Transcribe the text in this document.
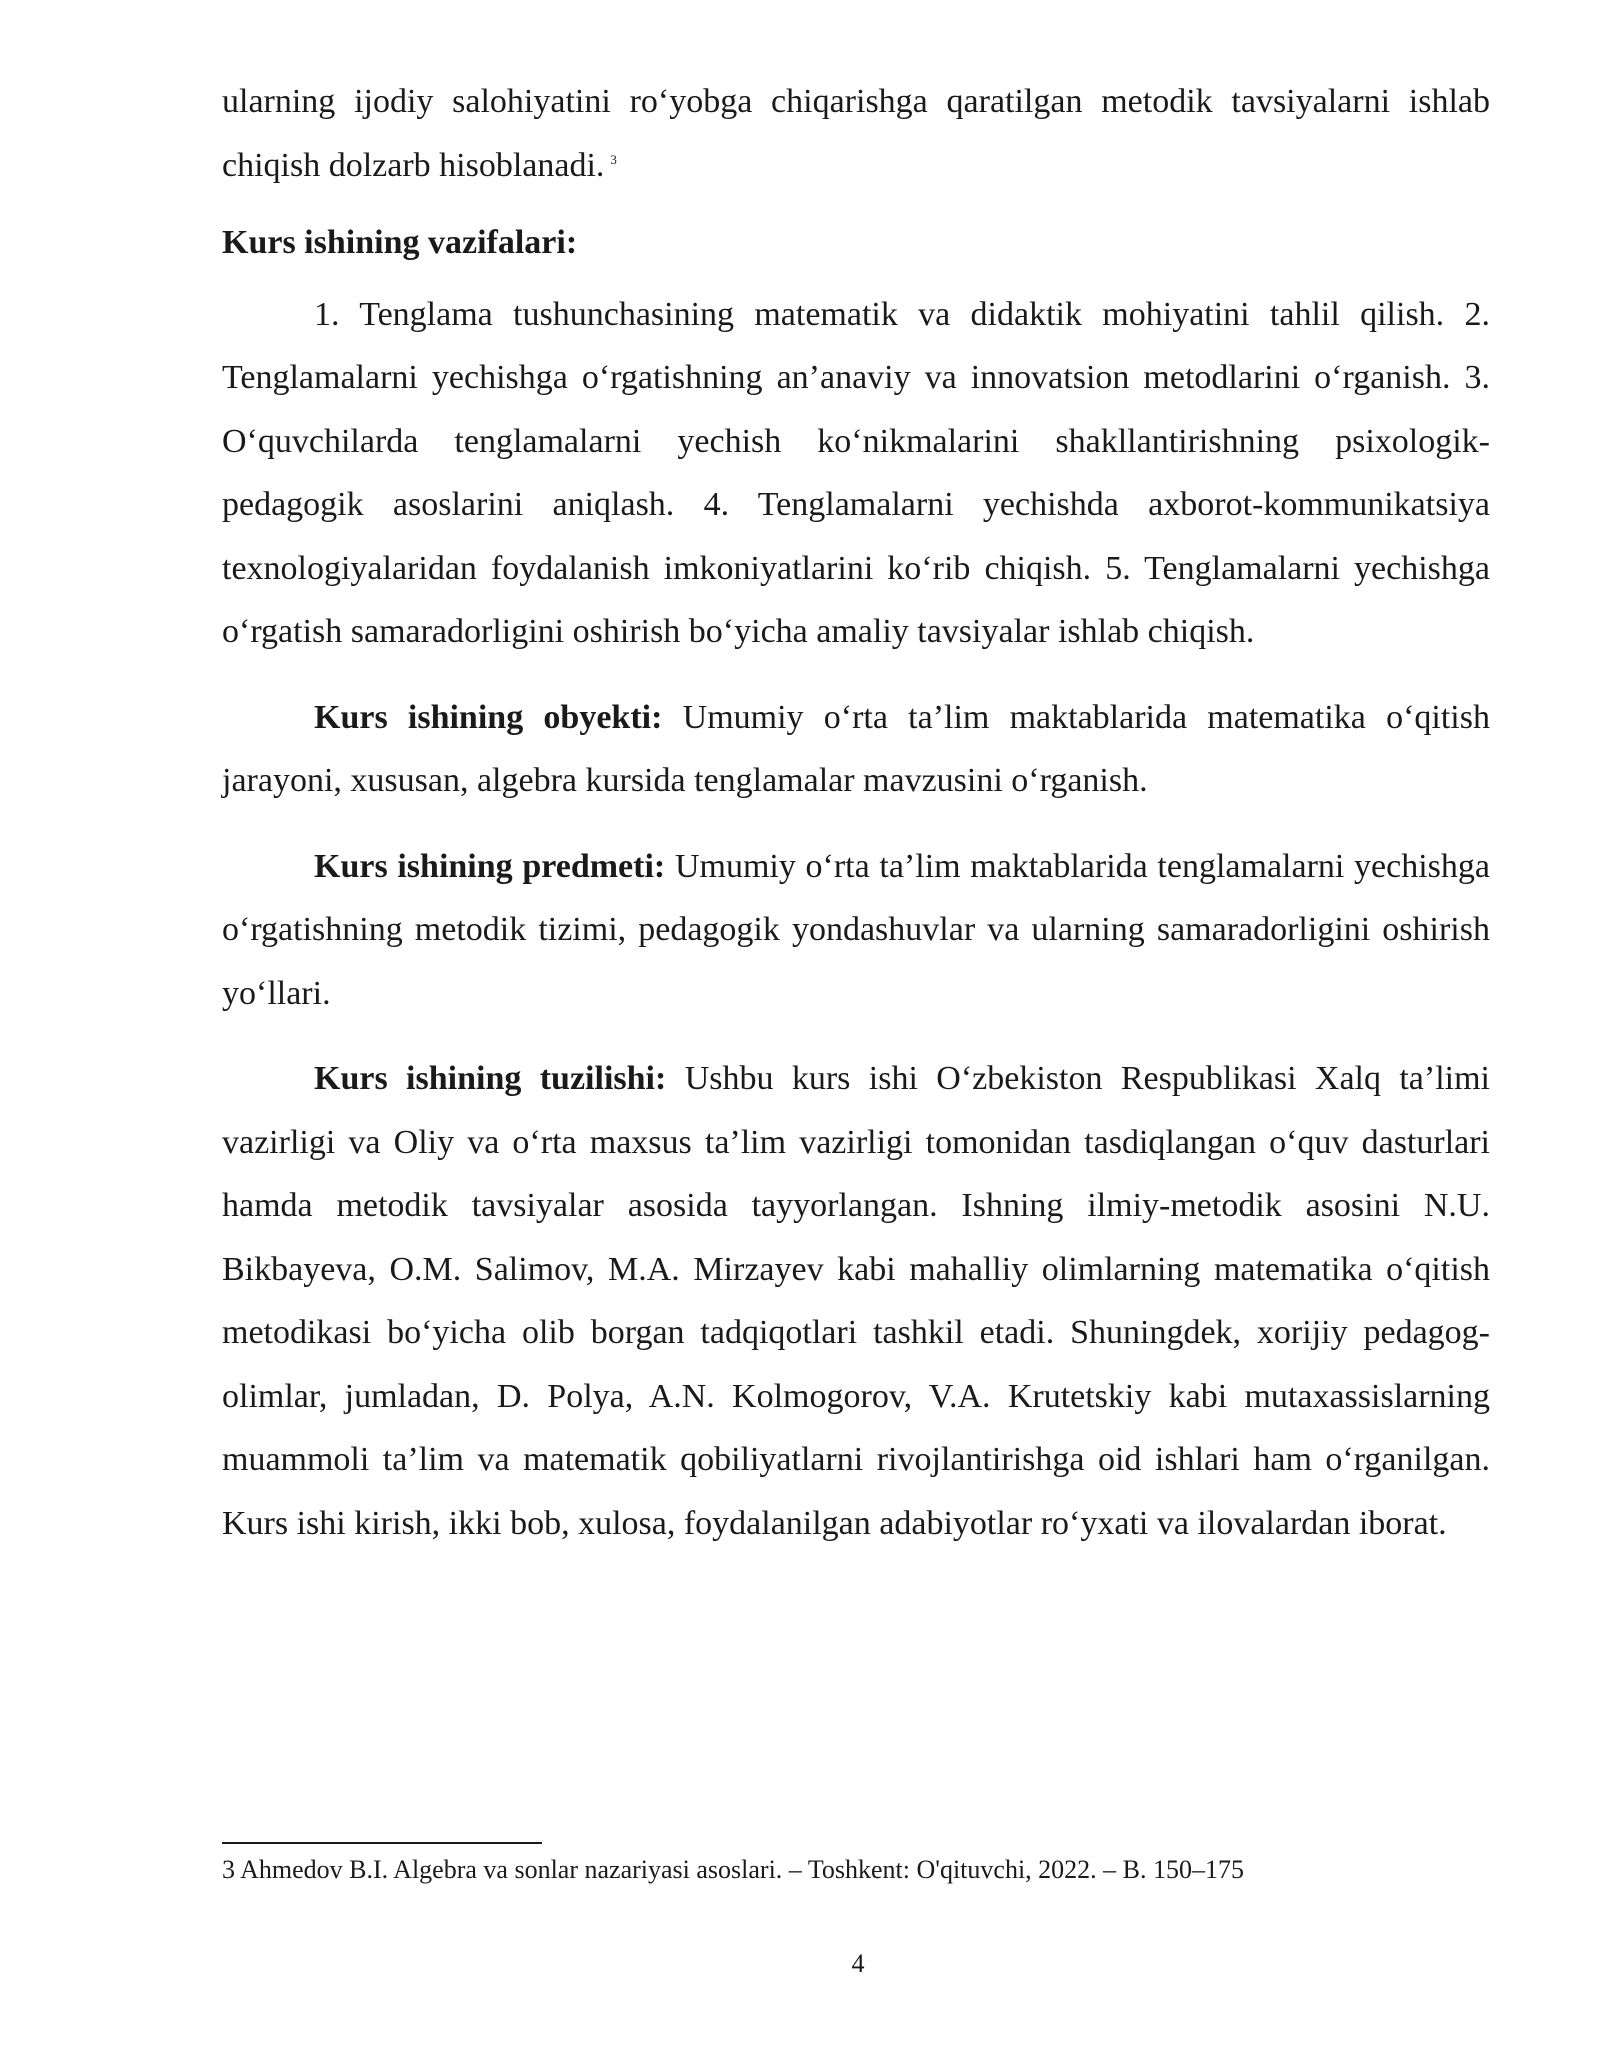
ularning ijodiy salohiyatini ro‘yobga chiqarishga qaratilgan metodik tavsiyalarni ishlab chiqish dolzarb hisoblanadi. $^3$

Kurs ishining vazifalari:

1. Tenglama tushunchasining matematik va didaktik mohiyatini tahlil qilish. 2. Tenglamalarni yechishga o‘rgatishning an’anaviy va innovatsion metodlarini o‘rganish. 3. O‘quvchilarda tenglamalarni yechish ko‘nikmalarini shakllantirishning psixologik-pedagogik asoslarini aniqlash. 4. Tenglamalarni yechishda axborot-kommunikatsiya texnologiyalaridan foydalanish imkoniyatlarini ko‘rib chiqish. 5. Tenglamalarni yechishga o‘rgatish samaradorligini oshirish bo‘yicha amaliy tavsiyalar ishlab chiqish.

Kurs ishining obyekti: Umumiy o‘rta ta’lim maktablarida matematika o‘qitish jarayoni, xususan, algebra kursida tenglamalar mavzusini o‘rganish.

Kurs ishining predmeti: Umumiy o‘rta ta’lim maktablarida tenglamalarni yechishga o‘rgatishning metodik tizimi, pedagogik yondashuvlar va ularning samaradorligini oshirish yo‘llari.

Kurs ishining tuzilishi: Ushbu kurs ishi O‘zbekiston Respublikasi Xalq ta’limi vazirligi va Oliy va o‘rta maxsus ta’lim vazirligi tomonidan tasdiqlangan o‘quv dasturlari hamda metodik tavsiyalar asosida tayyorlangan. Ishning ilmiy-metodik asosini N.U. Bikbayeva, O.M. Salimov, M.A. Mirzayev kabi mahalliy olimlarning matematika o‘qitish metodikasi bo‘yicha olib borgan tadqiqotlari tashkil etadi. Shuningdek, xorijiy pedagog-olimlar, jumladan, D. Polya, A.N. Kolmogorov, V.A. Krutetskiy kabi mutaxassislarning muammoli ta’lim va matematik qobiliyatlarni rivojlantirishga oid ishlari ham o‘rganilgan. Kurs ishi kirish, ikki bob, xulosa, foydalanilgan adabiyotlar ro‘yxati va ilovalardan iborat.

3 Ahmedov B.I. Algebra va sonlar nazariyasi asoslari. – Toshkent: O'qituvchi, 2022. – B. 150–175
4
